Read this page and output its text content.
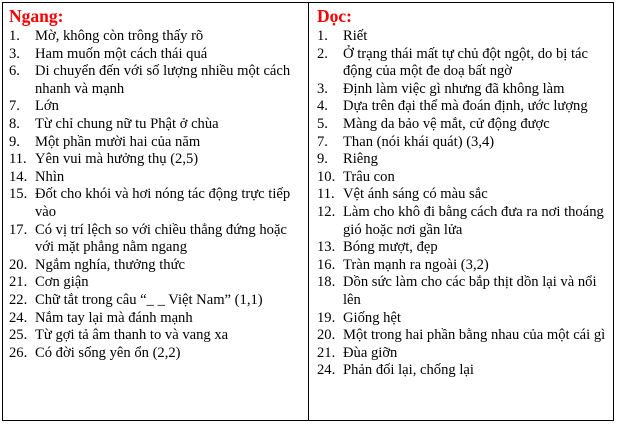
Ngang:
1.	Mờ, không còn trông thấy rõ
3.	Ham muốn một cách thái quá
6.	Di chuyển đến với số lượng nhiều một cách nhanh và mạnh
7.	Lớn
8.	Từ chỉ chung nữ tu Phật ở chùa
9.	Một phần mười hai của năm
11. Yên vui mà hưởng thụ (2,5)
14. Nhìn
15. Đốt cho khói và hơi nóng tác động trực tiếp vào
17. Có vị trí lệch so với chiều thẳng đứng hoặc với mặt phẳng nằm ngang
20. Ngắm nghía, thưởng thức
21. Cơn giận
22. Chữ tắt trong câu “_ _ Việt Nam” (1,1)
24. Nắm tay lại mà đánh mạnh
25. Từ gợi tả âm thanh to và vang xa
26. Có đời sống yên ổn (2,2)
Dọc:
1.	Riết
2.	Ở trạng thái mất tự chủ đột ngột, do bị tác động của một đe doạ bất ngờ
3.	Định làm việc gì nhưng đã không làm
4.	Dựa trên đại thể mà đoán định, ước lượng
5.	Màng da bảo vệ mắt, cử động được
7.	Than (nói khái quát) (3,4)
9.	Riêng
10. Trâu con
11. Vệt ánh sáng có màu sắc
12. Làm cho khô đi bằng cách đưa ra nơi thoáng gió hoặc nơi gần lửa
13. Bóng mượt, đẹp
16. Tràn mạnh ra ngoài (3,2)
18. Dồn sức làm cho các bắp thịt dồn lại và nổi lên
19. Giống hệt
20. Một trong hai phần bằng nhau của một cái gì
21. Đùa giỡn
24. Phản đối lại, chống lại
